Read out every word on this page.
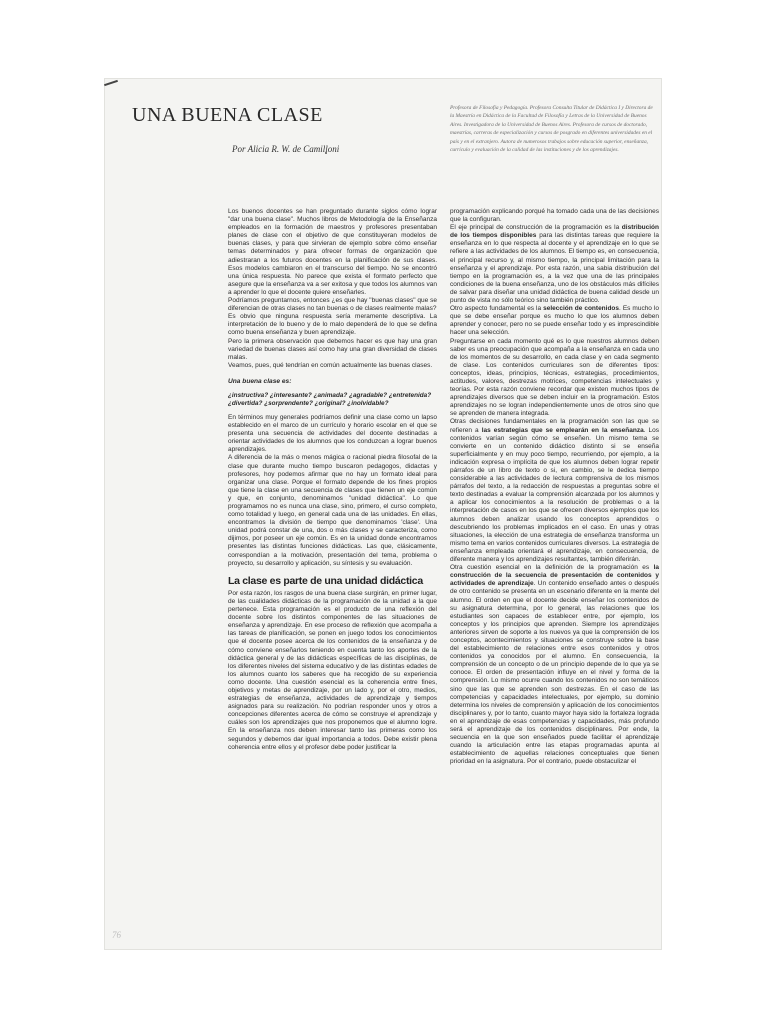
UNA BUENA CLASE
Por Alicia R. W. de Camilloni
Profesora de Filosofía y Pedagogía. Profesora Consulta Titular de Didáctica I y Directora de la Maestría en Didáctica de la Facultad de Filosofía y Letras de la Universidad de Buenos Aires. Investigadora de la Universidad de Buenos Aires. Profesora de cursos de doctorado, maestrías, carreras de especialización y cursos de posgrado en diferentes universidades en el país y en el extranjero. Autora de numerosos trabajos sobre educación superior, enseñanza, currículo y evaluación de la calidad de las instituciones y de los aprendizajes.

Los buenos docentes se han preguntado durante siglos cómo lograr "dar una buena clase". Muchos libros de Metodología de la Enseñanza empleados en la formación de maestros y profesores presentaban planes de clase con el objetivo de que constituyeran modelos de buenas clases, y para que sirvieran de ejemplo sobre cómo enseñar temas determinados y para ofrecer formas de organización que adiestraran a los futuros docentes en la planificación de sus clases. Esos modelos cambiaron en el transcurso del tiempo. No se encontró una única respuesta. No parece que exista el formato perfecto que asegure que la enseñanza va a ser exitosa y que todos los alumnos van a aprender lo que el docente quiere enseñarles.

Podríamos preguntarnos, entonces ¿es que hay "buenas clases" que se diferencian de otras clases no tan buenas o de clases realmente malas?

Es obvio que ninguna respuesta sería meramente descriptiva. La interpretación de lo bueno y de lo malo dependerá de lo que se defina como buena enseñanza y buen aprendizaje.

Pero la primera observación que debemos hacer es que hay una gran variedad de buenas clases así como hay una gran diversidad de clases malas.

Veamos, pues, qué tendrían en común actualmente las buenas clases.

Una buena clase es:
¿instructiva? ¿interesante? ¿animada? ¿agradable? ¿entretenida? ¿divertida? ¿sorprendente? ¿original? ¿inolvidable?

En términos muy generales podríamos definir una clase como un lapso establecido en el marco de un currículo y horario escolar en el que se presenta una secuencia de actividades del docente destinadas a orientar actividades de los alumnos que los conduzcan a lograr buenos aprendizajes.

A diferencia de la más o menos mágica o racional piedra filosofal de la clase que durante mucho tiempo buscaron pedagogos, didactas y profesores, hoy podemos afirmar que no hay un formato ideal para organizar una clase. Porque el formato depende de los fines propios que tiene la clase en una secuencia de clases que tienen un eje común y que, en conjunto, denominamos "unidad didáctica". Lo que programamos no es nunca una clase, sino, primero, el curso completo, como totalidad y luego, en general cada una de las unidades. En ellas, encontramos la división de tiempo que denominamos 'clase'. Una unidad podrá constar de una, dos o más clases y se caracteriza, como dijimos, por poseer un eje común. Es en la unidad donde encontramos presentes las distintas funciones didácticas. Las que, clásicamente, correspondían a la motivación, presentación del tema, problema o proyecto, su desarrollo y aplicación, su síntesis y su evaluación.

La clase es parte de una unidad didáctica

Por esta razón, los rasgos de una buena clase surgirán, en primer lugar, de las cualidades didácticas de la programación de la unidad a la que pertenece. Esta programación es el producto de una reflexión del docente sobre los distintos componentes de las situaciones de enseñanza y aprendizaje. En ese proceso de reflexión que acompaña a las tareas de planificación, se ponen en juego todos los conocimientos que el docente posee acerca de los contenidos de la enseñanza y de cómo conviene enseñarlos teniendo en cuenta tanto los aportes de la didáctica general y de las didácticas específicas de las disciplinas, de los diferentes niveles del sistema educativo y de las distintas edades de los alumnos cuanto los saberes que ha recogido de su experiencia como docente. Una cuestión esencial es la coherencia entre fines, objetivos y metas de aprendizaje, por un lado y, por el otro, medios, estrategias de enseñanza, actividades de aprendizaje y tiempos asignados para su realización. No podrían responder unos y otros a concepciones diferentes acerca de cómo se construye el aprendizaje y cuáles son los aprendizajes que nos proponemos que el alumno logre. En la enseñanza nos deben interesar tanto las primeras como los segundos y debemos dar igual importancia a todos. Debe existir plena coherencia entre ellos y el profesor debe poder justificar la

programación explicando porqué ha tomado cada una de las decisiones que la configuran.

El eje principal de construcción de la programación es la distribución de los tiempos disponibles para las distintas tareas que requiere la enseñanza en lo que respecta al docente y el aprendizaje en lo que se refiere a las actividades de los alumnos. El tiempo es, en consecuencia, el principal recurso y, al mismo tiempo, la principal limitación para la enseñanza y el aprendizaje. Por esta razón, una sabia distribución del tiempo en la programación es, a la vez que una de las principales condiciones de la buena enseñanza, uno de los obstáculos más difíciles de salvar para diseñar una unidad didáctica de buena calidad desde un punto de vista no sólo teórico sino también práctico.

Otro aspecto fundamental es la selección de contenidos. Es mucho lo que se debe enseñar porque es mucho lo que los alumnos deben aprender y conocer, pero no se puede enseñar todo y es imprescindible hacer una selección.

Preguntarse en cada momento qué es lo que nuestros alumnos deben saber es una preocupación que acompaña a la enseñanza en cada uno de los momentos de su desarrollo, en cada clase y en cada segmento de clase. Los contenidos curriculares son de diferentes tipos: conceptos, ideas, principios, técnicas, estrategias, procedimientos, actitudes, valores, destrezas motrices, competencias intelectuales y teorías. Por esta razón conviene recordar que existen muchos tipos de aprendizajes diversos que se deben incluir en la programación. Estos aprendizajes no se logran independientemente unos de otros sino que se aprenden de manera integrada.

Otras decisiones fundamentales en la programación son las que se refieren a las estrategias que se emplearán en la enseñanza. Los contenidos varían según cómo se enseñen. Un mismo tema se convierte en un contenido didáctico distinto si se enseña superficialmente y en muy poco tiempo, recurriendo, por ejemplo, a la indicación expresa o implícita de que los alumnos deben lograr repetir párrafos de un libro de texto o si, en cambio, se le dedica tiempo considerable a las actividades de lectura comprensiva de los mismos párrafos del texto, a la redacción de respuestas a preguntas sobre el texto destinadas a evaluar la comprensión alcanzada por los alumnos y a aplicar los conocimientos a la resolución de problemas o a la interpretación de casos en los que se ofrecen diversos ejemplos que los alumnos deben analizar usando los conceptos aprendidos o descubriendo los problemas implicados en el caso. En unas y otras situaciones, la elección de una estrategia de enseñanza transforma un mismo tema en varios contenidos curriculares diversos. La estrategia de enseñanza empleada orientará el aprendizaje, en consecuencia, de diferente manera y los aprendizajes resultantes, también diferirán.

Otra cuestión esencial en la definición de la programación es la construcción de la secuencia de presentación de contenidos y actividades de aprendizaje. Un contenido enseñado antes o después de otro contenido se presenta en un escenario diferente en la mente del alumno. El orden en que el docente decide enseñar los contenidos de su asignatura determina, por lo general, las relaciones que los estudiantes son capaces de establecer entre, por ejemplo, los conceptos y los principios que aprenden. Siempre los aprendizajes anteriores sirven de soporte a los nuevos ya que la comprensión de los conceptos, acontecimientos y situaciones se construye sobre la base del establecimiento de relaciones entre esos contenidos y otros contenidos ya conocidos por el alumno. En consecuencia, la comprensión de un concepto o de un principio depende de lo que ya se conoce. El orden de presentación influye en el nivel y forma de la comprensión. Lo mismo ocurre cuando los contenidos no son temáticos sino que las que se aprenden son destrezas. En el caso de las competencias y capacidades intelectuales, por ejemplo, su dominio determina los niveles de comprensión y aplicación de los conocimientos disciplinares y, por lo tanto, cuanto mayor haya sido la fortaleza lograda en el aprendizaje de esas competencias y capacidades, más profundo será el aprendizaje de los contenidos disciplinares. Por ende, la secuencia en la que son enseñados puede facilitar el aprendizaje cuando la articulación entre las etapas programadas apunta al establecimiento de aquellas relaciones conceptuales que tienen prioridad en la asignatura. Por el contrario, puede obstaculizar el

76
